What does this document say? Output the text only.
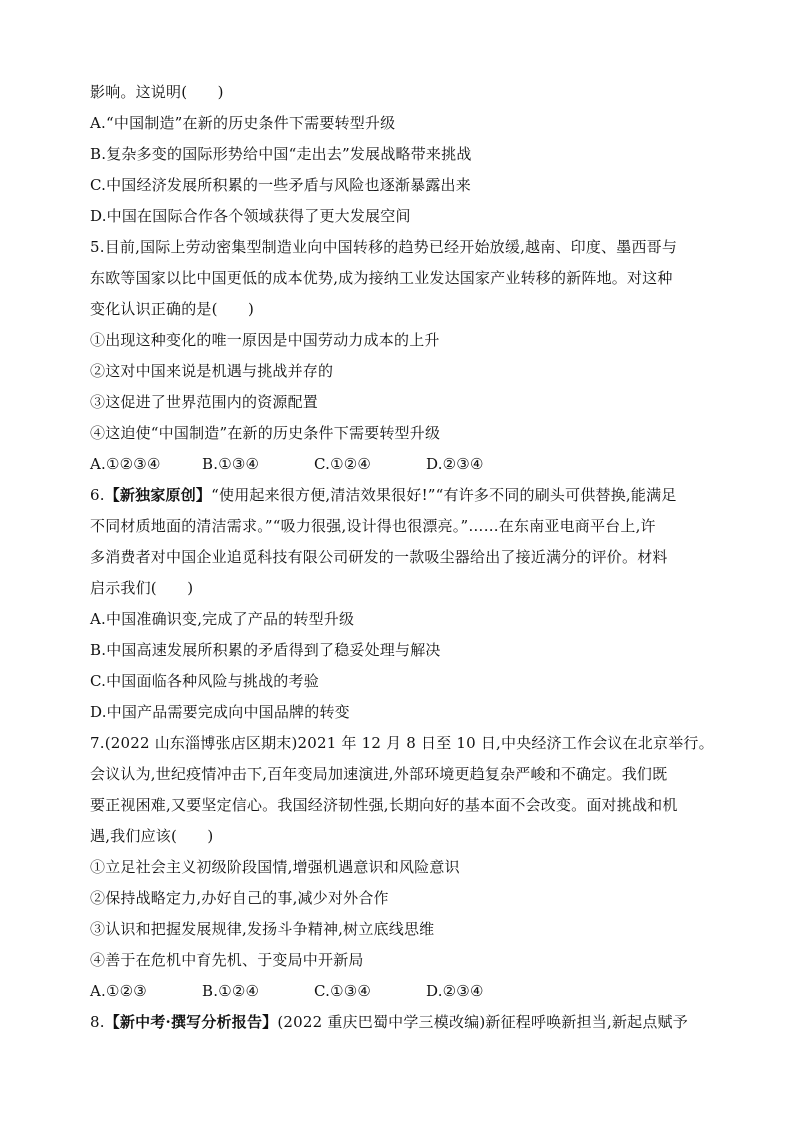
影响。这说明(　　)
A.“中国制造”在新的历史条件下需要转型升级
B.复杂多变的国际形势给中国“走出去”发展战略带来挑战
C.中国经济发展所积累的一些矛盾与风险也逐渐暴露出来
D.中国在国际合作各个领域获得了更大发展空间
5.目前,国际上劳动密集型制造业向中国转移的趋势已经开始放缓,越南、印度、墨西哥与
东欧等国家以比中国更低的成本优势,成为接纳工业发达国家产业转移的新阵地。对这种
变化认识正确的是(　　)
①出现这种变化的唯一原因是中国劳动力成本的上升
②这对中国来说是机遇与挑战并存的
③这促进了世界范围内的资源配置
④这迫使“中国制造”在新的历史条件下需要转型升级
A.①②③④	B.①③④	C.①②④	D.②③④
6.【新独家原创】“使用起来很方便,清洁效果很好!”“有许多不同的刷头可供替换,能满足
不同材质地面的清洁需求。”“吸力很强,设计得也很漂亮。”……在东南亚电商平台上,许
多消费者对中国企业追觅科技有限公司研发的一款吸尘器给出了接近满分的评价。材料
启示我们(　　)
A.中国准确识变,完成了产品的转型升级
B.中国高速发展所积累的矛盾得到了稳妥处理与解决
C.中国面临各种风险与挑战的考验
D.中国产品需要完成向中国品牌的转变
7.(2022 山东淄博张店区期末)2021 年 12 月 8 日至 10 日,中央经济工作会议在北京举行。
会议认为,世纪疫情冲击下,百年变局加速演进,外部环境更趋复杂严峻和不确定。我们既
要正视困难,又要坚定信心。我国经济韧性强,长期向好的基本面不会改变。面对挑战和机
遇,我们应该(　　)
①立足社会主义初级阶段国情,增强机遇意识和风险意识
②保持战略定力,办好自己的事,减少对外合作
③认识和把握发展规律,发扬斗争精神,树立底线思维
④善于在危机中育先机、于变局中开新局
A.①②③	B.①②④	C.①③④	D.②③④
8.【新中考·撰写分析报告】(2022 重庆巴蜀中学三模改编)新征程呼唤新担当,新起点赋予
